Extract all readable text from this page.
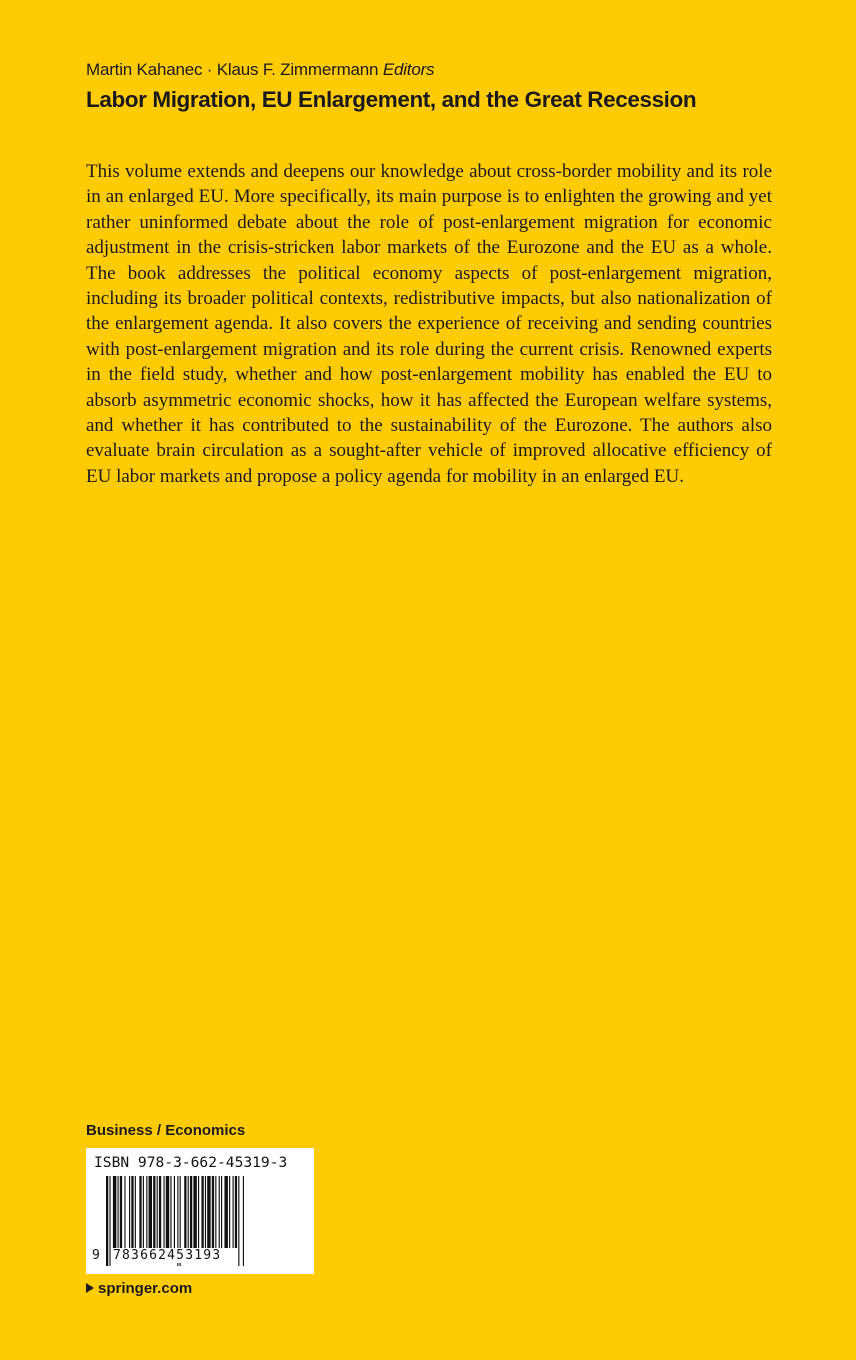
Martin Kahanec · Klaus F. Zimmermann Editors
Labor Migration, EU Enlargement, and the Great Recession

This volume extends and deepens our knowledge about cross-border mobility and its role in an enlarged EU. More specifically, its main purpose is to enlighten the growing and yet rather uninformed debate about the role of post-enlargement migration for economic adjustment in the crisis-stricken labor markets of the Eurozone and the EU as a whole. The book addresses the political economy aspects of post-enlargement migration, including its broader political contexts, redistributive impacts, but also nationalization of the enlargement agenda. It also covers the experience of receiving and sending countries with post-enlargement migration and its role during the current crisis. Renowned experts in the field study, whether and how post-enlargement mobility has enabled the EU to absorb asymmetric economic shocks, how it has affected the European welfare systems, and whether it has contributed to the sustainability of the Eurozone. The authors also evaluate brain circulation as a sought-after vehicle of improved allocative efficiency of EU labor markets and propose a policy agenda for mobility in an enlarged EU.

Business / Economics
ISBN 978-3-662-45319-3
9 783662453193
springer.com
